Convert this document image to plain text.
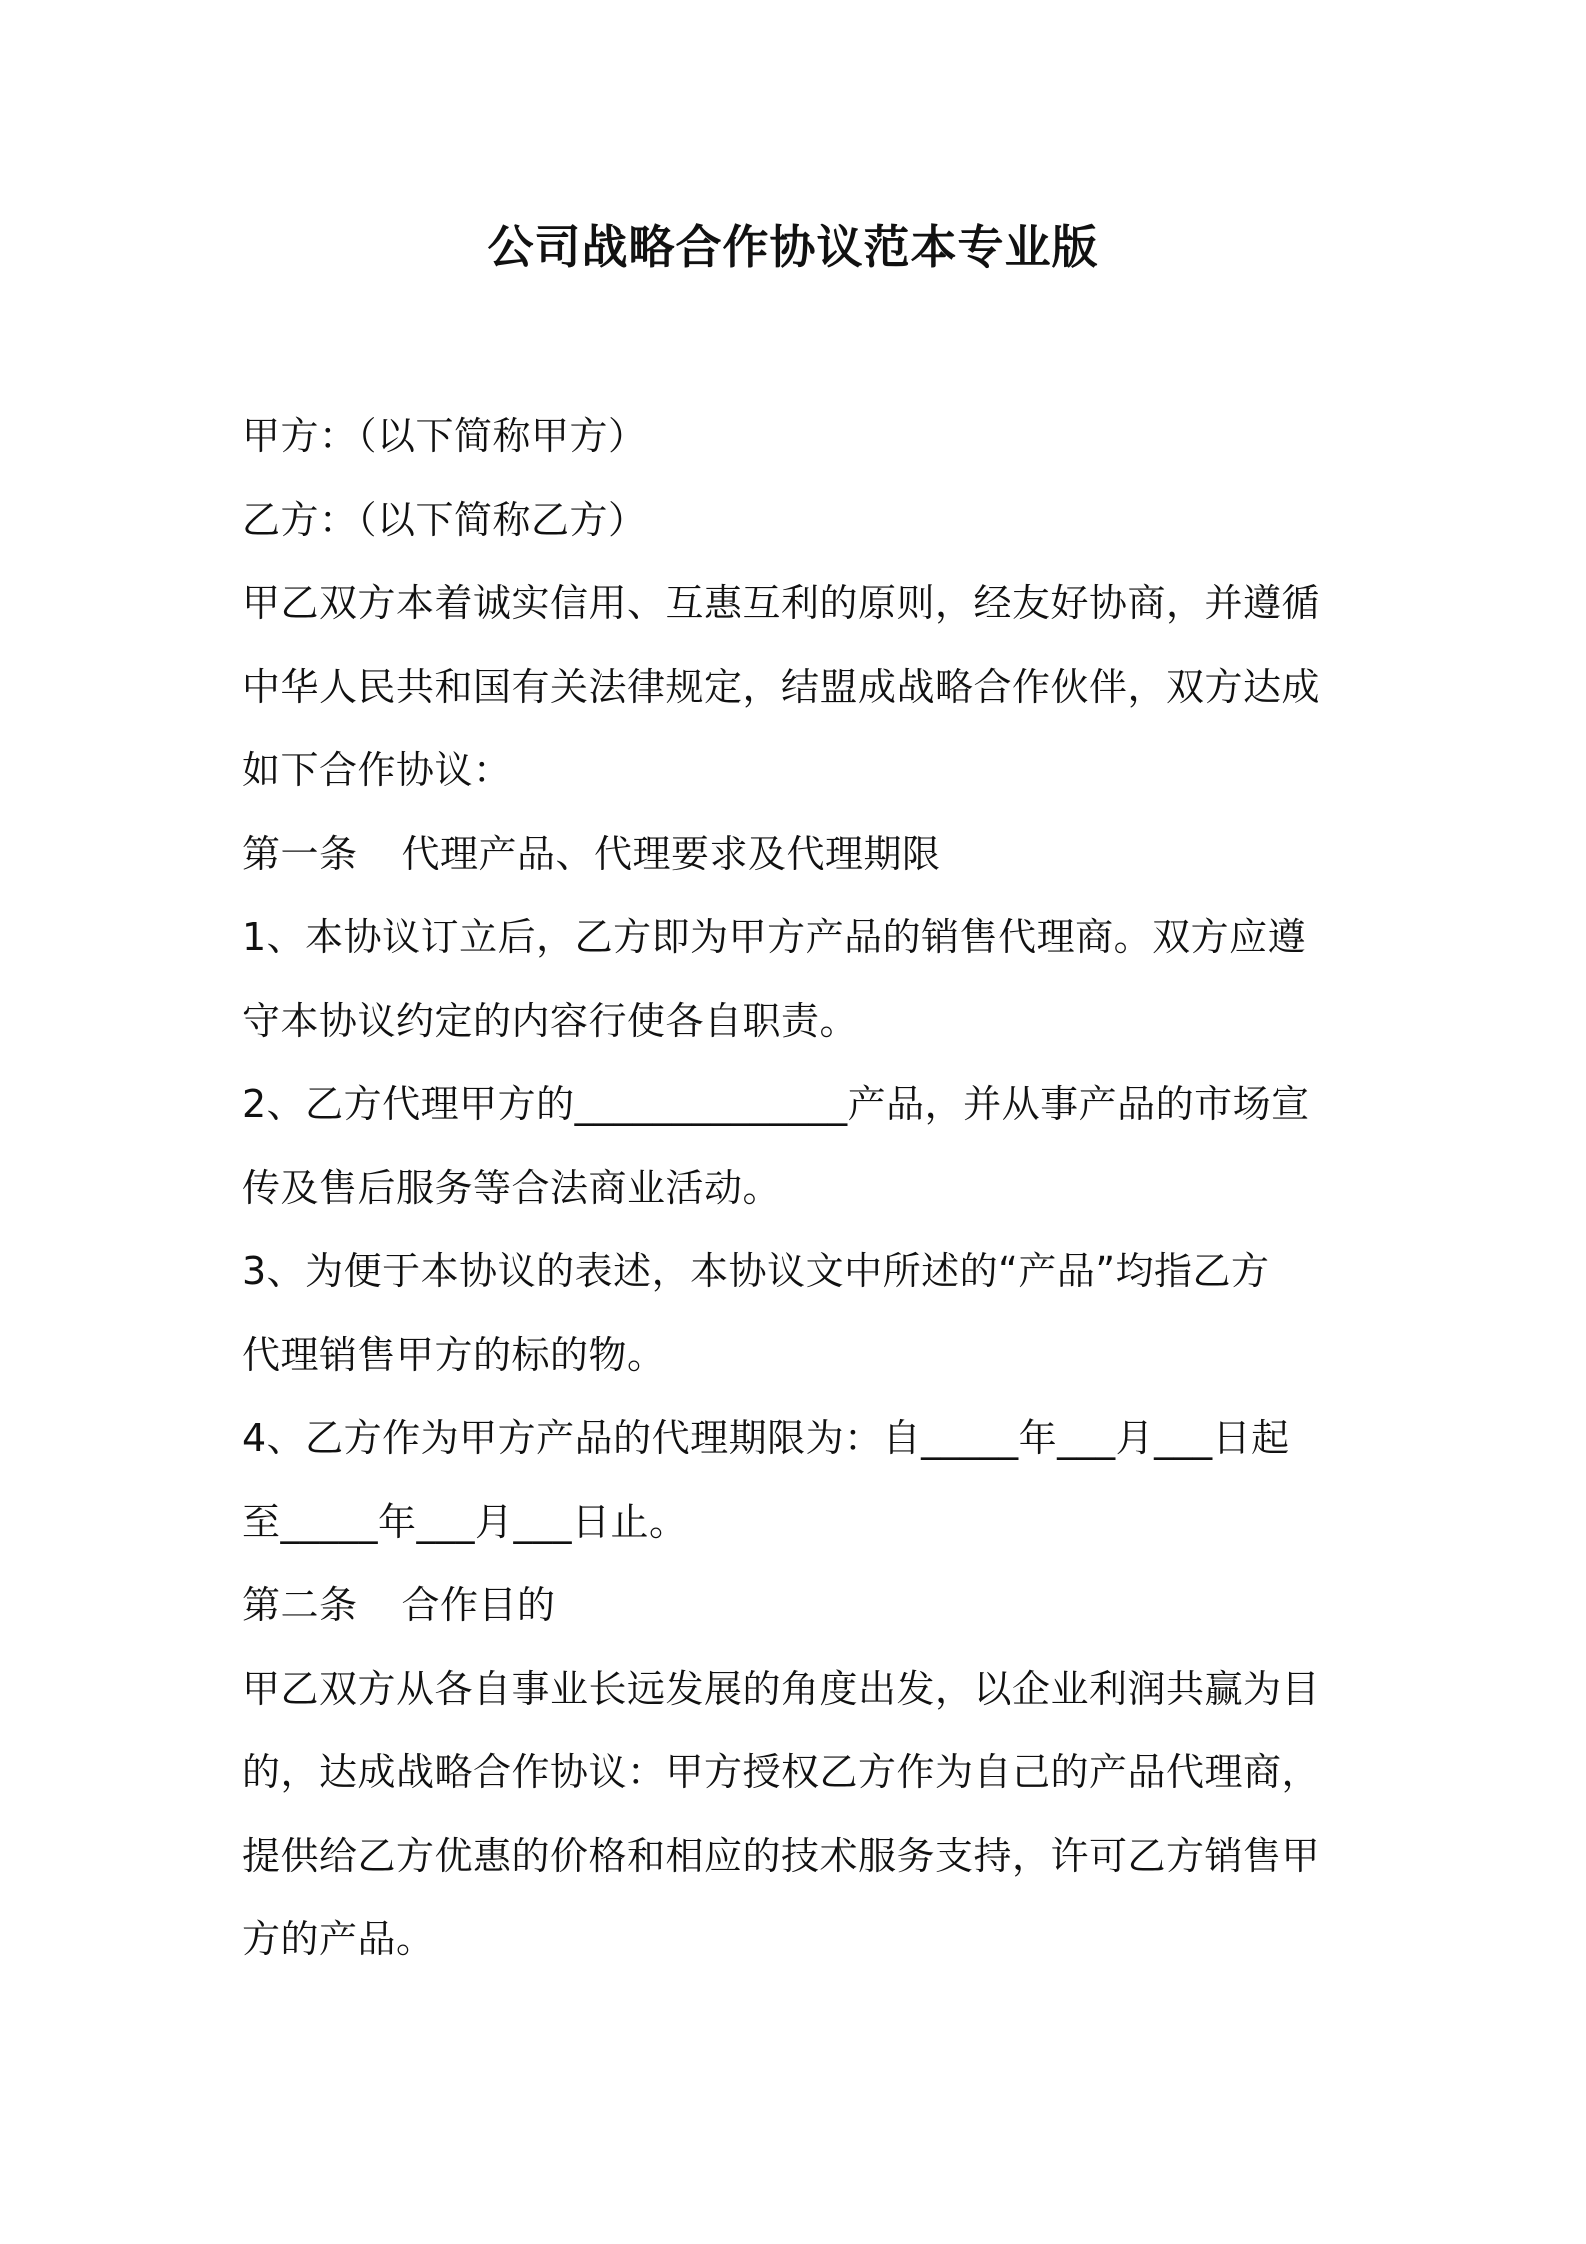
公司战略合作协议范本专业版
甲方：（以下简称甲方）
乙方：（以下简称乙方）
甲乙双方本着诚实信用、互惠互利的原则，经友好协商，并遵循
中华人民共和国有关法律规定，结盟成战略合作伙伴，双方达成
如下合作协议：
第一条 代理产品、代理要求及代理期限
1、本协议订立后，乙方即为甲方产品的销售代理商。双方应遵
守本协议约定的内容行使各自职责。
2、乙方代理甲方的______________产品，并从事产品的市场宣
传及售后服务等合法商业活动。
3、为便于本协议的表述，本协议文中所述的“产品”均指乙方
代理销售甲方的标的物。
4、乙方作为甲方产品的代理期限为：自_____年___月___日起
至_____年___月___日止。
第二条 合作目的
甲乙双方从各自事业长远发展的角度出发，以企业利润共赢为目
的，达成战略合作协议：甲方授权乙方作为自己的产品代理商，
提供给乙方优惠的价格和相应的技术服务支持，许可乙方销售甲
方的产品。
